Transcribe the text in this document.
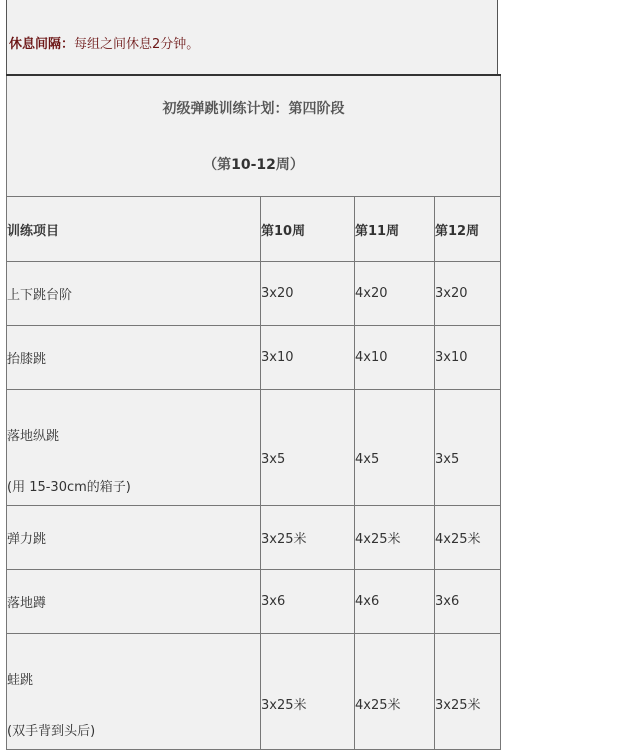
休息间隔：每组之间休息2分钟。
初级弹跳训练计划：第四阶段
（第10-12周）			

训练项目	第10周	第11周	第12周
上下跳台阶	3x20	4x20	3x20
抬膝跳	3x10	4x10	3x10

落地纵跳
(用 15-30cm的箱子)	3x5	4x5	3x5

弹力跳	3x25米	4x25米	4x25米
落地蹲	3x6	4x6	3x6

蛙跳
(双手背到头后)	3x25米	4x25米	3x25米
